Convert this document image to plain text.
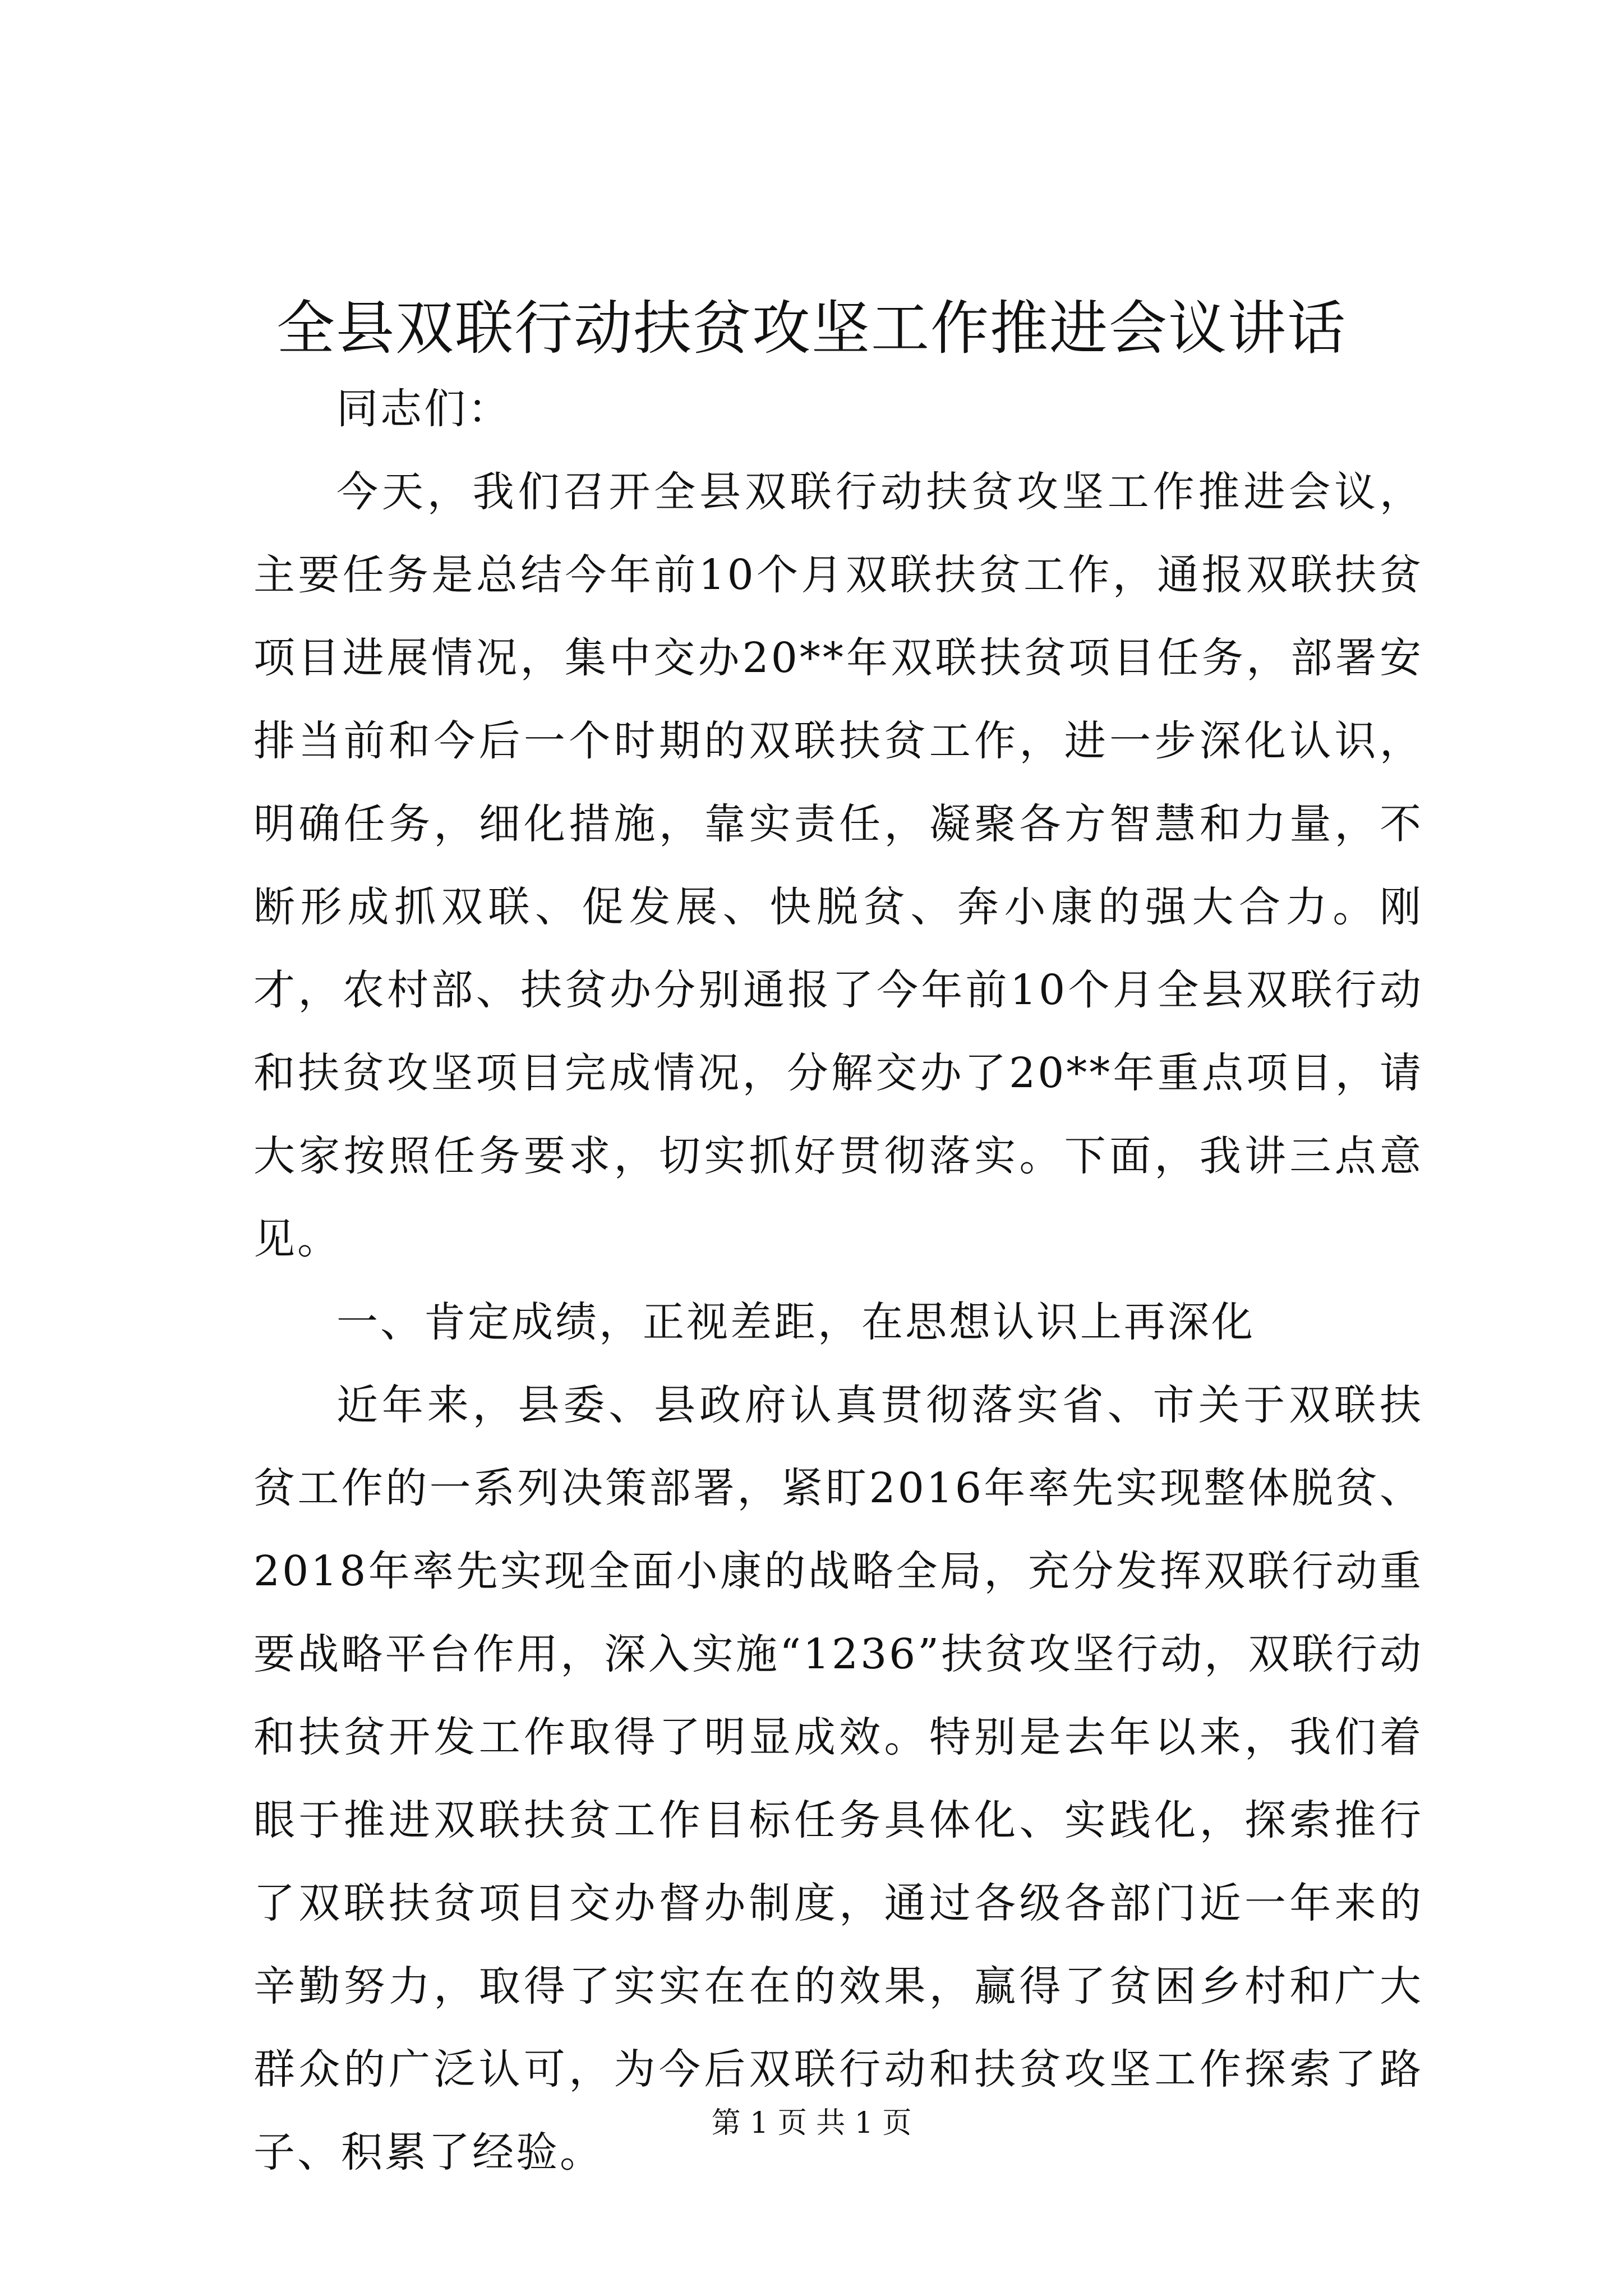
全县双联行动扶贫攻坚工作推进会议讲话

同志们：

今天，我们召开全县双联行动扶贫攻坚工作推进会议，主要任务是总结今年前10个月双联扶贫工作，通报双联扶贫项目进展情况，集中交办20**年双联扶贫项目任务，部署安排当前和今后一个时期的双联扶贫工作，进一步深化认识，明确任务，细化措施，靠实责任，凝聚各方智慧和力量，不断形成抓双联、促发展、快脱贫、奔小康的强大合力。刚才，农村部、扶贫办分别通报了今年前10个月全县双联行动和扶贫攻坚项目完成情况，分解交办了20**年重点项目，请大家按照任务要求，切实抓好贯彻落实。下面，我讲三点意见。

一、肯定成绩，正视差距，在思想认识上再深化

近年来，县委、县政府认真贯彻落实省、市关于双联扶贫工作的一系列决策部署，紧盯2016年率先实现整体脱贫、2018年率先实现全面小康的战略全局，充分发挥双联行动重要战略平台作用，深入实施“1236”扶贫攻坚行动，双联行动和扶贫开发工作取得了明显成效。特别是去年以来，我们着眼于推进双联扶贫工作目标任务具体化、实践化，探索推行了双联扶贫项目交办督办制度，通过各级各部门近一年来的辛勤努力，取得了实实在在的效果，赢得了贫困乡村和广大群众的广泛认可，为今后双联行动和扶贫攻坚工作探索了路子、积累了经验。

第 1 页 共 1 页
